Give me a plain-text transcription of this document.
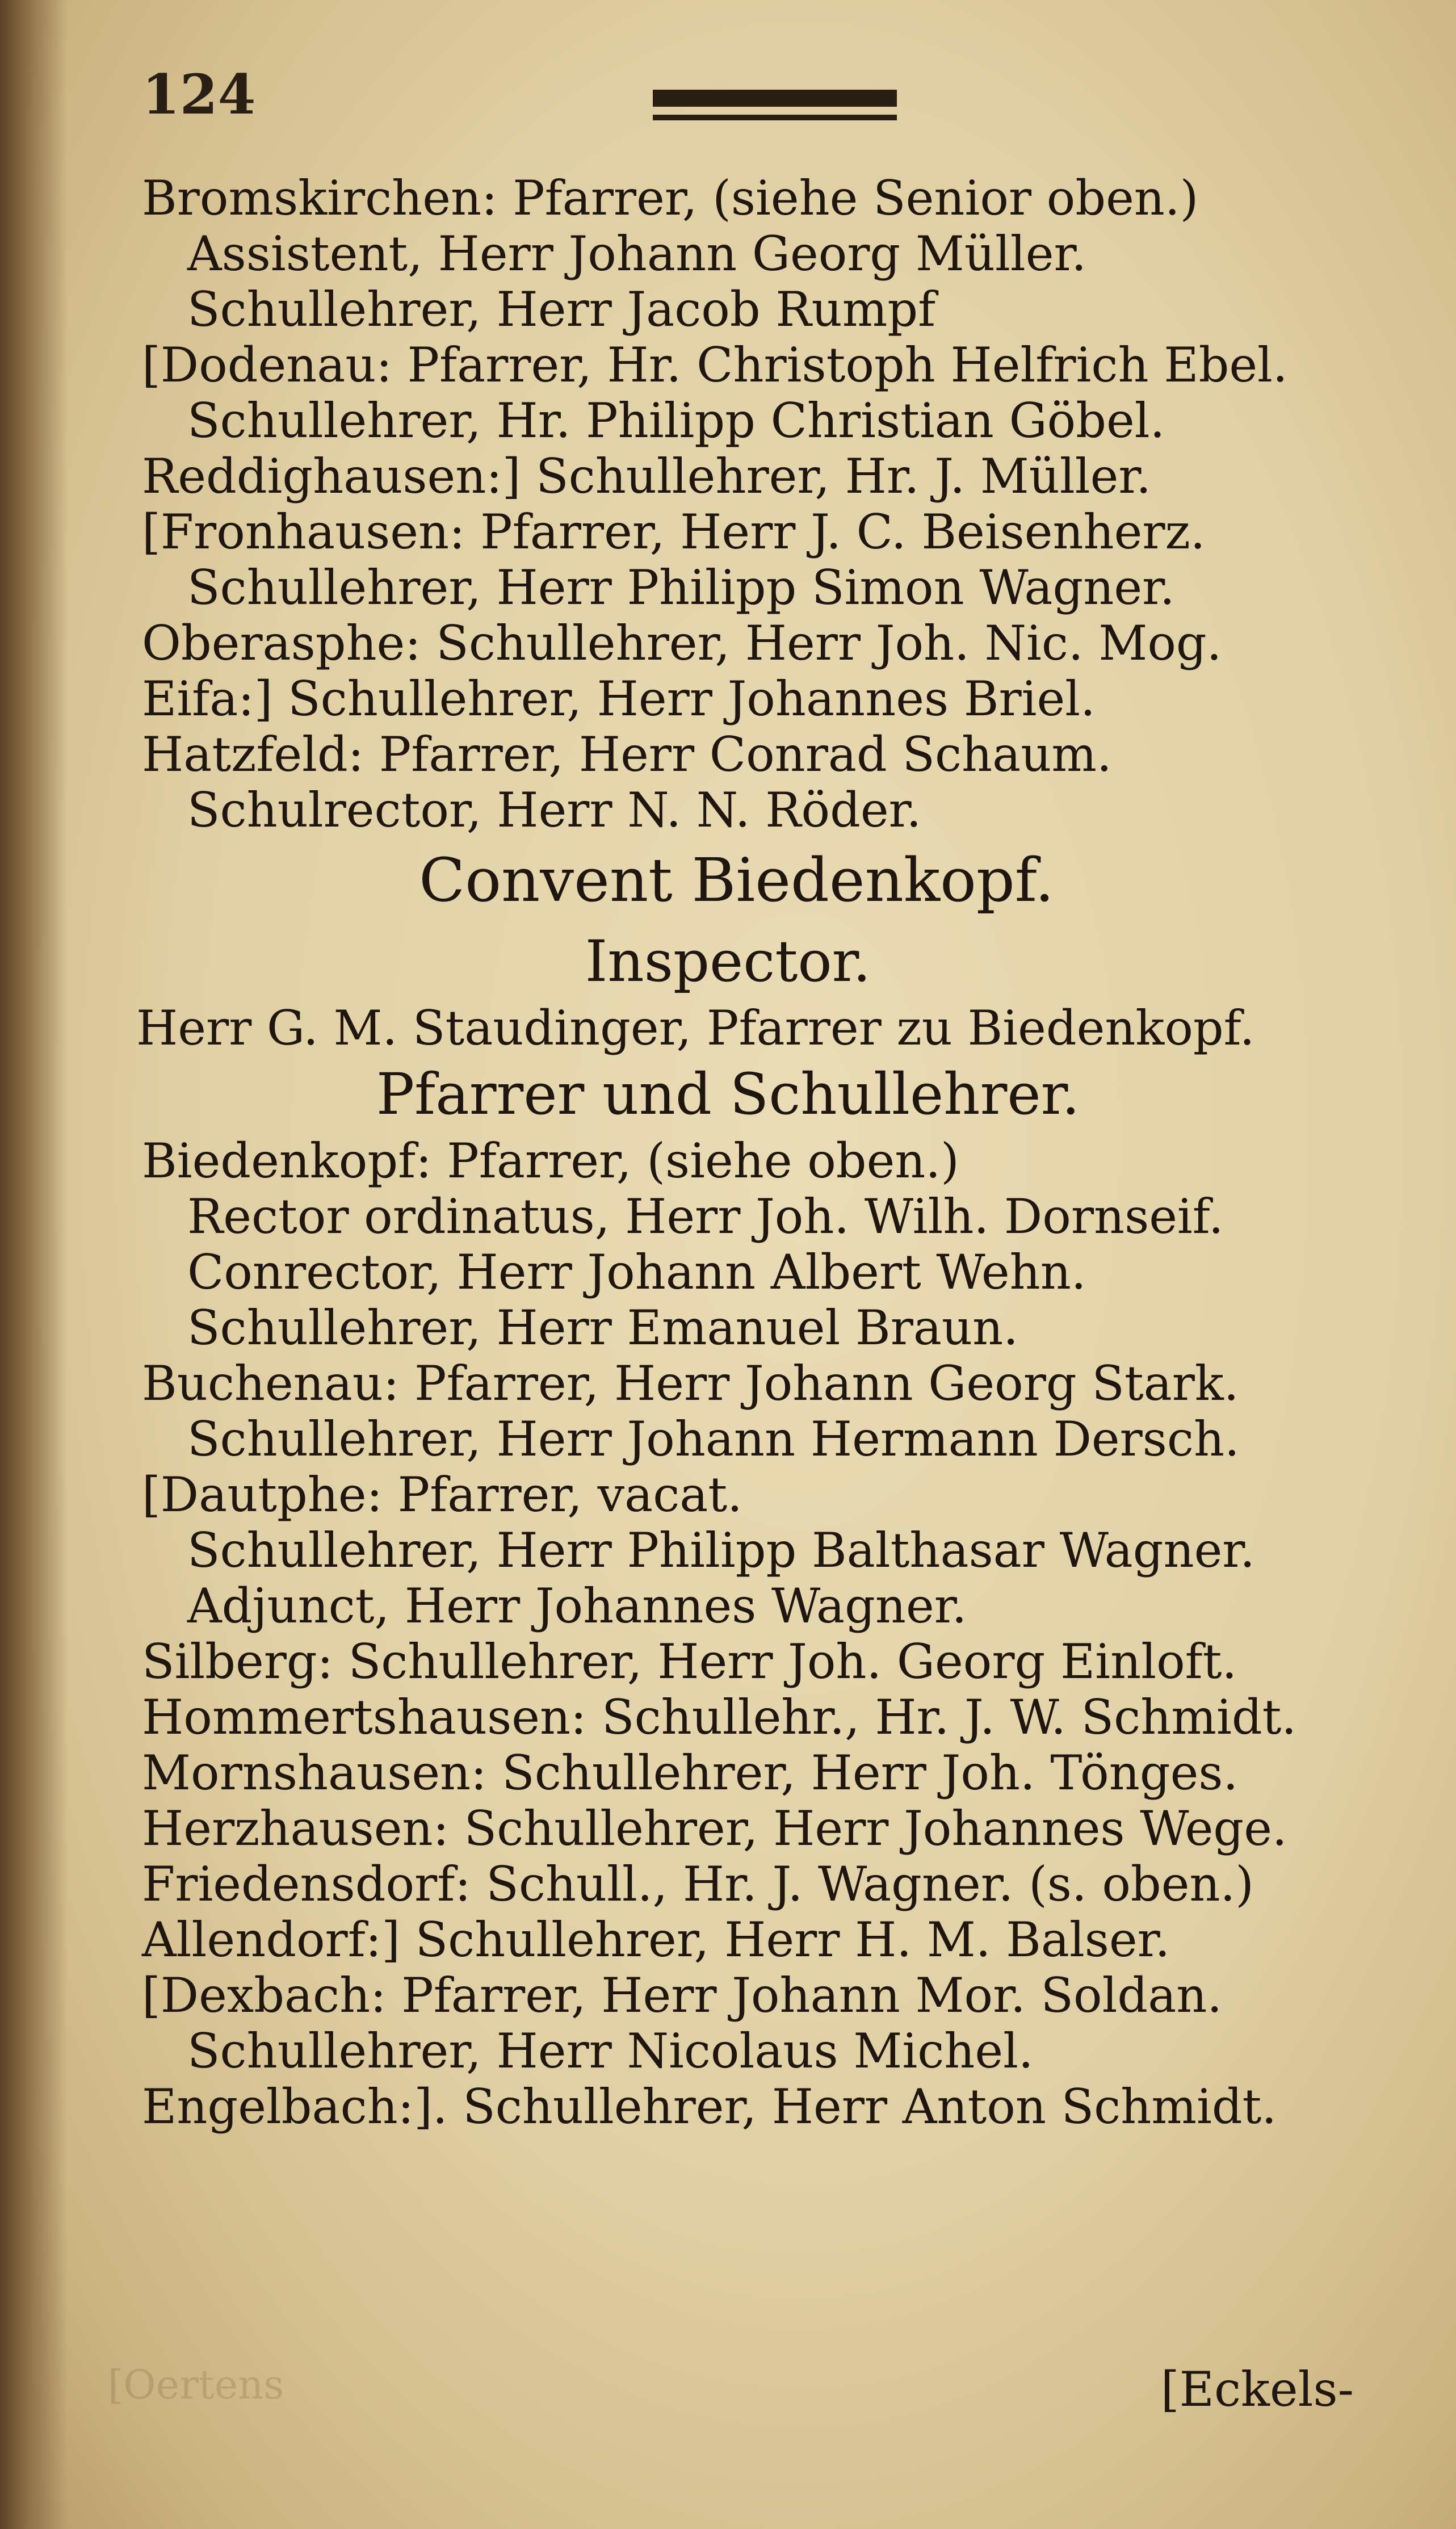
124
Bromskirchen: Pfarrer, (siehe Senior oben.)
Assistent, Herr Johann Georg Müller.
Schullehrer, Herr Jacob Rumpf
[Dodenau: Pfarrer, Hr. Christoph Helfrich Ebel.
Schullehrer, Hr. Philipp Christian Göbel.
Reddighausen:] Schullehrer, Hr. J. Müller.
[Fronhausen: Pfarrer, Herr J. C. Beisenherz.
Schullehrer, Herr Philipp Simon Wagner.
Oberasphe: Schullehrer, Herr Joh. Nic. Mog.
Eifa:] Schullehrer, Herr Johannes Briel.
Hatzfeld: Pfarrer, Herr Conrad Schaum.
Schulrector, Herr N. N. Röder.
Convent Biedenkopf.
Inspector.
Herr G. M. Staudinger, Pfarrer zu Biedenkopf.
Pfarrer und Schullehrer.
Biedenkopf: Pfarrer, (siehe oben.)
Rector ordinatus, Herr Joh. Wilh. Dornseif.
Conrector, Herr Johann Albert Wehn.
Schullehrer, Herr Emanuel Braun.
Buchenau: Pfarrer, Herr Johann Georg Stark.
Schullehrer, Herr Johann Hermann Dersch.
[Dautphe: Pfarrer, vacat.
Schullehrer, Herr Philipp Balthasar Wagner.
Adjunct, Herr Johannes Wagner.
Silberg: Schullehrer, Herr Joh. Georg Einloft.
Hommertshausen: Schullehr., Hr. J. W. Schmidt.
Mornshausen: Schullehrer, Herr Joh. Tönges.
Herzhausen: Schullehrer, Herr Johannes Wege.
Friedensdorf: Schull., Hr. J. Wagner. (s. oben.)
Allendorf:] Schullehrer, Herr H. M. Balser.
[Dexbach: Pfarrer, Herr Johann Mor. Soldan.
Schullehrer, Herr Nicolaus Michel.
Engelbach:]. Schullehrer, Herr Anton Schmidt.
[Oertens	[Eckels-
